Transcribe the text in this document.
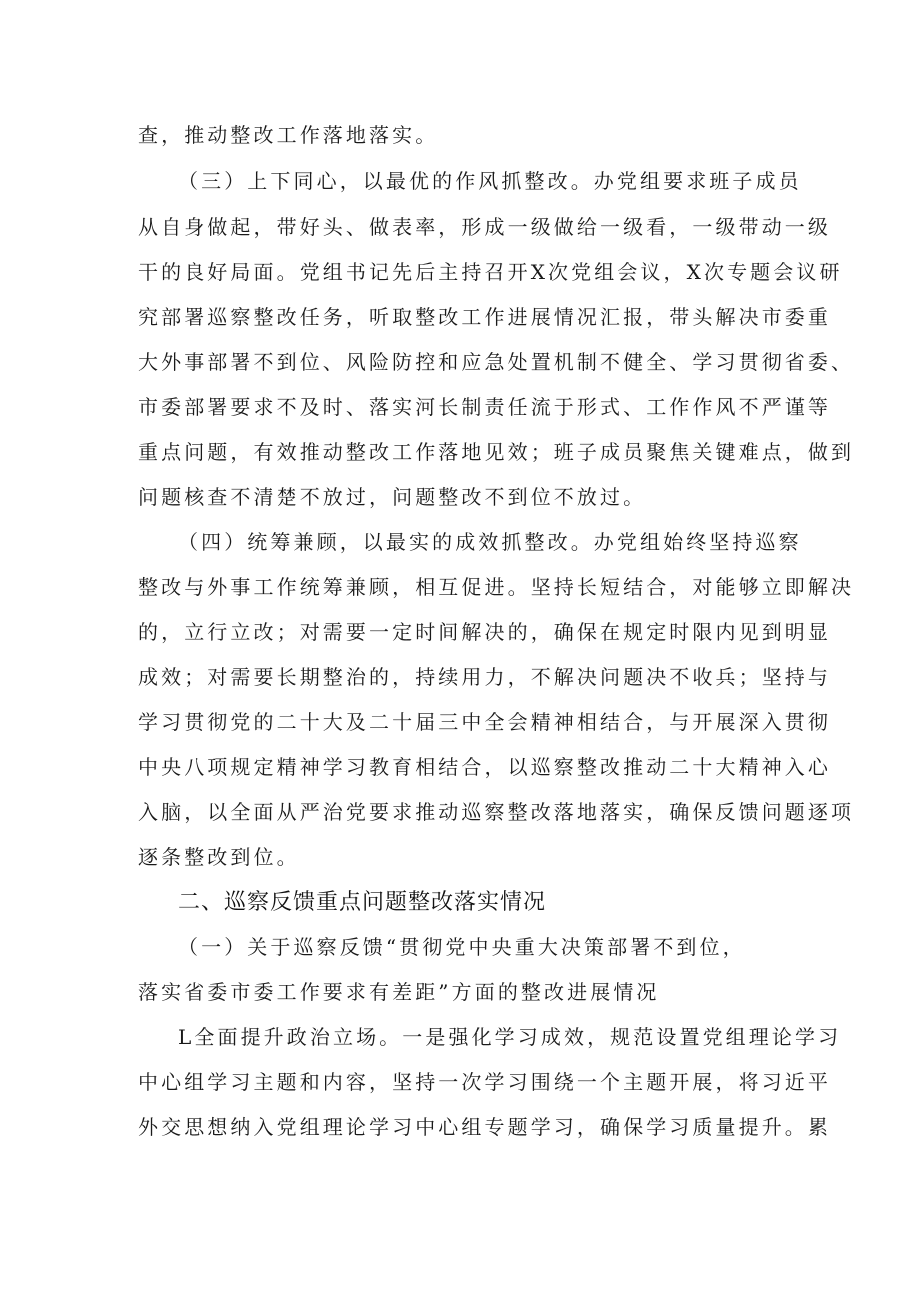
查，推动整改工作落地落实。
（三）上下同心，以最优的作风抓整改。办党组要求班子成员
从自身做起，带好头、做表率，形成一级做给一级看，一级带动一级
干的良好局面。党组书记先后主持召开X次党组会议，X次专题会议研
究部署巡察整改任务，听取整改工作进展情况汇报，带头解决市委重
大外事部署不到位、风险防控和应急处置机制不健全、学习贯彻省委、
市委部署要求不及时、落实河长制责任流于形式、工作作风不严谨等
重点问题，有效推动整改工作落地见效；班子成员聚焦关键难点，做到
问题核查不清楚不放过，问题整改不到位不放过。
（四）统筹兼顾，以最实的成效抓整改。办党组始终坚持巡察
整改与外事工作统筹兼顾，相互促进。坚持长短结合，对能够立即解决
的，立行立改；对需要一定时间解决的，确保在规定时限内见到明显
成效；对需要长期整治的，持续用力，不解决问题决不收兵；坚持与
学习贯彻党的二十大及二十届三中全会精神相结合，与开展深入贯彻
中央八项规定精神学习教育相结合，以巡察整改推动二十大精神入心
入脑，以全面从严治党要求推动巡察整改落地落实，确保反馈问题逐项
逐条整改到位。
二、巡察反馈重点问题整改落实情况
（一）关于巡察反馈“贯彻党中央重大决策部署不到位，
落实省委市委工作要求有差距”方面的整改进展情况
L全面提升政治立场。一是强化学习成效，规范设置党组理论学习
中心组学习主题和内容，坚持一次学习围绕一个主题开展，将习近平
外交思想纳入党组理论学习中心组专题学习，确保学习质量提升。累
